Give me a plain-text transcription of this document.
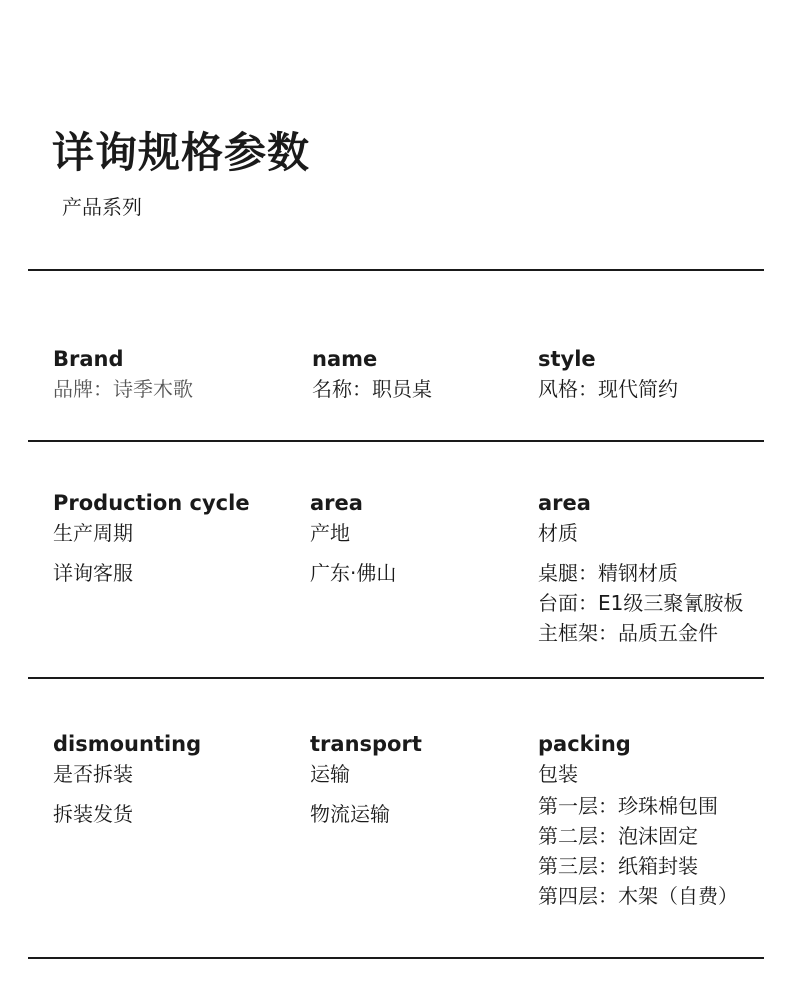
详询规格参数

产品系列

Brand
品牌：诗季木歌
name
名称：职员桌
style
风格：现代简约
Production cycle
生产周期
详询客服
area
产地
广东·佛山
area
材质
桌腿：精钢材质
台面：E1级三聚氰胺板
主框架：品质五金件
dismounting
是否拆装
拆装发货
transport
运输
物流运输
packing
包装
第一层：珍珠棉包围
第二层：泡沫固定
第三层：纸箱封装
第四层：木架（自费）
